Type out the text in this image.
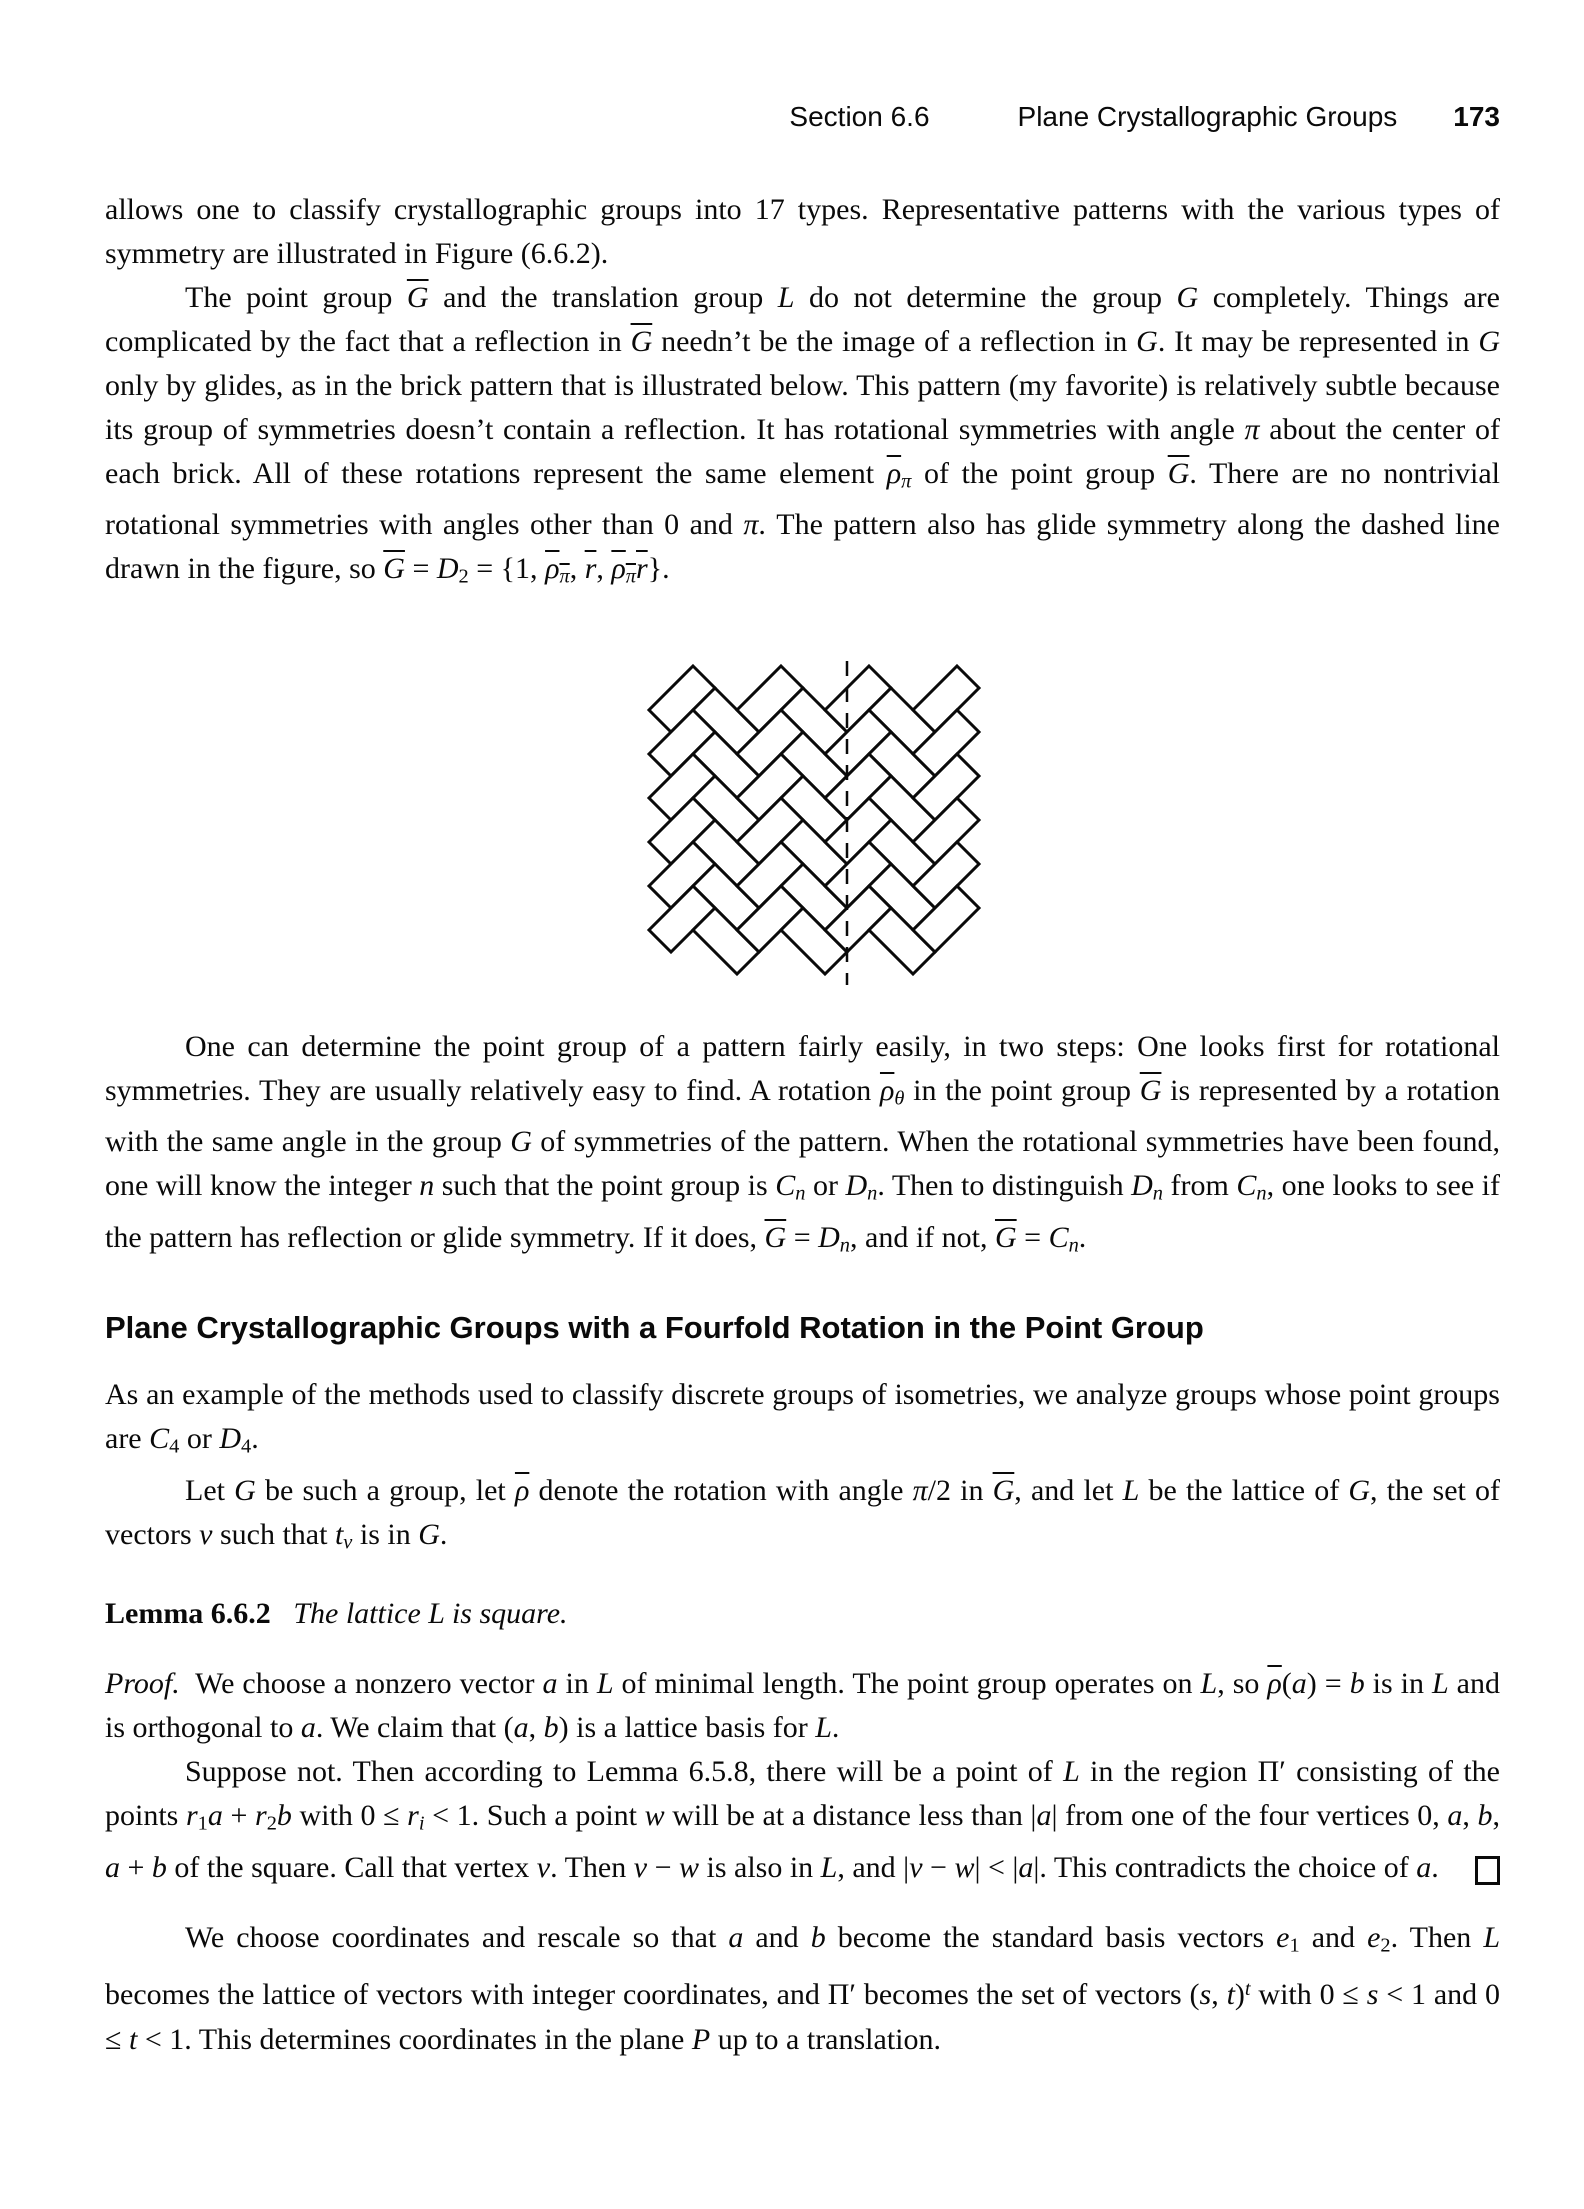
Section 6.6	Plane Crystallographic Groups 173
allows one to classify crystallographic groups into 17 types. Representative patterns with the various types of symmetry are illustrated in Figure (6.6.2).
The point group $\overline{G}$ and the translation group L do not determine the group G completely. Things are complicated by the fact that a reflection in $\overline{G}$ needn’t be the image of a reflection in G. It may be represented in G only by glides, as in the brick pattern that is illustrated below. This pattern (my favorite) is relatively subtle because its group of symmetries doesn’t contain a reflection. It has rotational symmetries with angle π about the center of each brick. All of these rotations represent the same element $\overline{\rho}\pi$ of the point group $\overline{G}$. There are no nontrivial rotational symmetries with angles other than 0 and π. The pattern also has glide symmetry along the dashed line drawn in the figure, so $\overline{G} = D2 = \{1$, ρπ, $\overline{r}$, ρπr}.
One can determine the point group of a pattern fairly easily, in two steps: One looks first for rotational symmetries. They are usually relatively easy to find. A rotation $\overline{\rho}\theta$ in the point group $\overline{G}$ is represented by a rotation with the same angle in the group G of symmetries of the pattern. When the rotational symmetries have been found, one will know the integer n such that the point group is Cn or Dn. Then to distinguish Dn from Cn, one looks to see if the pattern has reflection or glide symmetry. If it does, $\overline{G} = Dn$, and if not, $\overline{G} = Cn$.
Plane Crystallographic Groups with a Fourfold Rotation in the Point Group
As an example of the methods used to classify discrete groups of isometries, we analyze groups whose point groups are C4 or D4.
Let G be such a group, let $\overline{\rho}$ denote the rotation with angle π/2 in $\overline{G}$, and let L be the lattice of G, the set of vectors v such that tv is in G.
Lemma 6.6.2 The lattice L is square.
Proof.  We choose a nonzero vector a in L of minimal length. The point group operates on L, so $\overline{\rho}(a) = b$ is in L and is orthogonal to a. We claim that (a, b) is a lattice basis for L.
Suppose not. Then according to Lemma 6.5.8, there will be a point of L in the region Π′ consisting of the points r1a + r2b with 0 ≤ ri < 1. Such a point w will be at a distance less than |a| from one of the four vertices 0, a, b, a + b of the square. Call that vertex v. Then v − w is also in L, and |v − w| < |a|. This contradicts the choice of a.
We choose coordinates and rescale so that a and b become the standard basis vectors e1 and e2. Then L becomes the lattice of vectors with integer coordinates, and Π′ becomes the set of vectors (s, t)$^t$ with 0 ≤ s < 1 and 0 ≤ t < 1. This determines coordinates in the plane P up to a translation.
